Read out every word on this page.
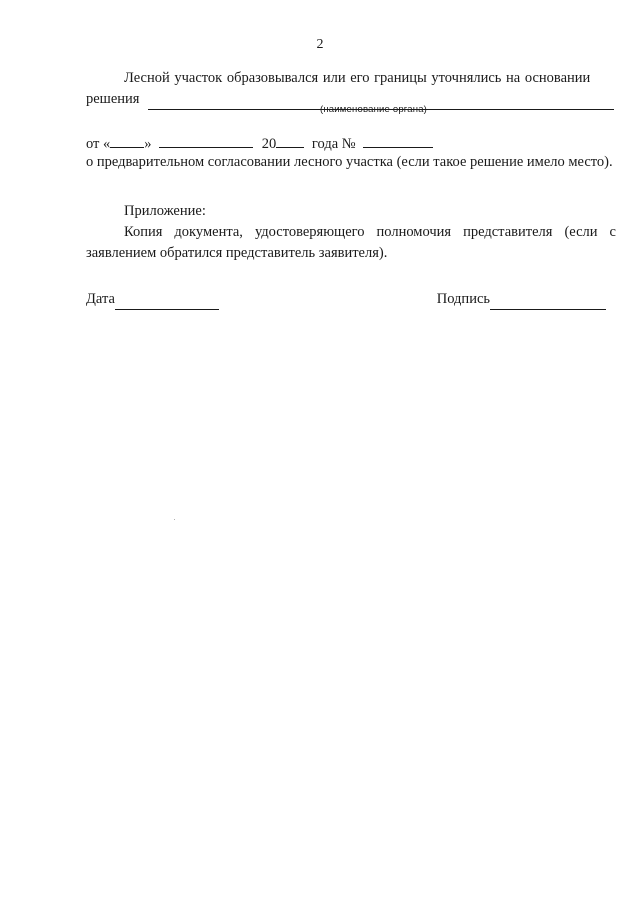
2
Лесной участок образовывался или его границы уточнялись на основании
решения
(наименование органа)
от « »	20 года №
о предварительном согласовании лесного участка (если такое решение имело место).
Приложение:
Копия документа, удостоверяющего полномочия представителя (если с заявлением обратился представитель заявителя).
Дата	Подпись
